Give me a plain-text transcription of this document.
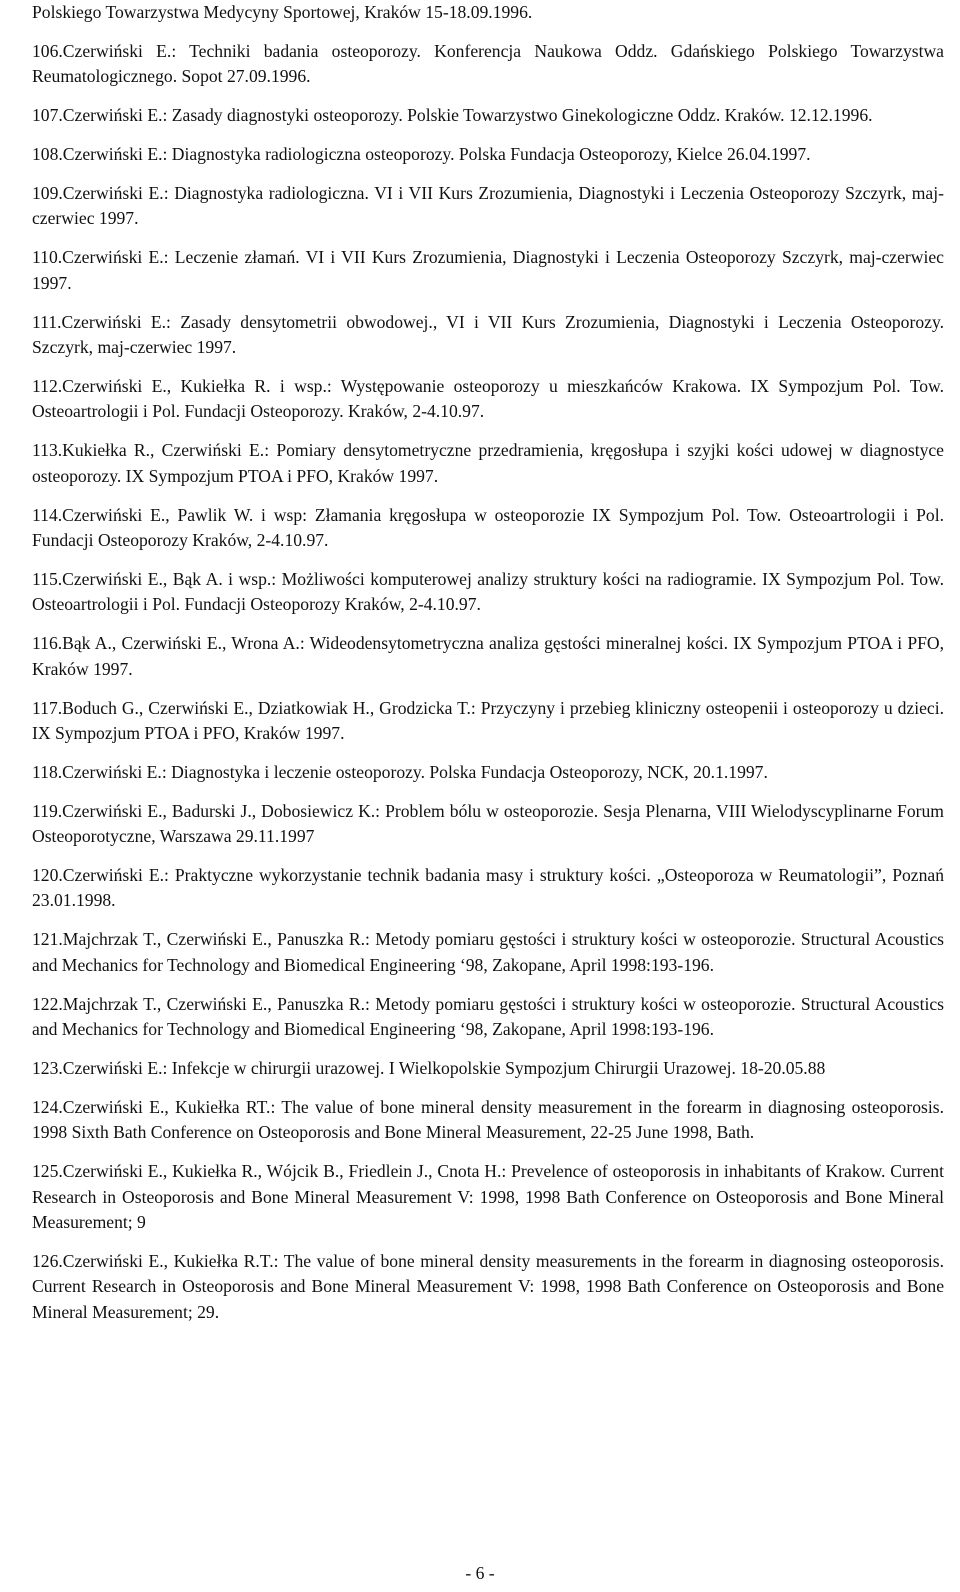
Polskiego Towarzystwa Medycyny Sportowej, Kraków 15-18.09.1996.
106.Czerwiński E.: Techniki badania osteoporozy. Konferencja Naukowa Oddz. Gdańskiego Polskiego Towarzystwa Reumatologicznego. Sopot 27.09.1996.
107.Czerwiński E.: Zasady diagnostyki osteoporozy. Polskie Towarzystwo Ginekologiczne Oddz. Kraków. 12.12.1996.
108.Czerwiński E.: Diagnostyka radiologiczna osteoporozy. Polska Fundacja Osteoporozy, Kielce 26.04.1997.
109.Czerwiński E.: Diagnostyka radiologiczna. VI i VII Kurs Zrozumienia, Diagnostyki i Leczenia Osteoporozy Szczyrk, maj-czerwiec 1997.
110.Czerwiński E.: Leczenie złamań. VI i VII Kurs Zrozumienia, Diagnostyki i Leczenia Osteoporozy Szczyrk, maj-czerwiec 1997.
111.Czerwiński E.: Zasady densytometrii obwodowej., VI i VII Kurs Zrozumienia, Diagnostyki i Leczenia Osteoporozy. Szczyrk, maj-czerwiec 1997.
112.Czerwiński E., Kukiełka R. i wsp.: Występowanie osteoporozy u mieszkańców Krakowa. IX Sympozjum Pol. Tow. Osteoartrologii i Pol. Fundacji Osteoporozy. Kraków, 2-4.10.97.
113.Kukiełka R., Czerwiński E.: Pomiary densytometryczne przedramienia, kręgosłupa i szyjki kości udowej w diagnostyce osteoporozy. IX Sympozjum PTOA i PFO, Kraków 1997.
114.Czerwiński E., Pawlik W. i wsp: Złamania kręgosłupa w osteoporozie IX Sympozjum Pol. Tow. Osteoartrologii i Pol. Fundacji Osteoporozy Kraków, 2-4.10.97.
115.Czerwiński E., Bąk A. i wsp.: Możliwości komputerowej analizy struktury kości na radiogramie. IX Sympozjum Pol. Tow. Osteoartrologii i Pol. Fundacji Osteoporozy Kraków, 2-4.10.97.
116.Bąk A., Czerwiński E., Wrona A.: Wideodensytometryczna analiza gęstości mineralnej kości. IX Sympozjum PTOA i PFO, Kraków 1997.
117.Boduch G., Czerwiński E., Dziatkowiak H., Grodzicka T.: Przyczyny i przebieg kliniczny osteopenii i osteoporozy u dzieci. IX Sympozjum PTOA i PFO, Kraków 1997.
118.Czerwiński E.: Diagnostyka i leczenie osteoporozy. Polska Fundacja Osteoporozy, NCK, 20.1.1997.
119.Czerwiński E., Badurski J., Dobosiewicz K.: Problem bólu w osteoporozie. Sesja Plenarna, VIII Wielodyscyplinarne Forum Osteoporotyczne, Warszawa 29.11.1997
120.Czerwiński E.: Praktyczne wykorzystanie technik badania masy i struktury kości. „Osteoporoza w Reumatologii”, Poznań 23.01.1998.
121.Majchrzak T., Czerwiński E., Panuszka R.: Metody pomiaru gęstości i struktury kości w osteoporozie. Structural Acoustics and Mechanics for Technology and Biomedical Engineering ‘98, Zakopane, April 1998:193-196.
122.Majchrzak T., Czerwiński E., Panuszka R.: Metody pomiaru gęstości i struktury kości w osteoporozie. Structural Acoustics and Mechanics for Technology and Biomedical Engineering ‘98, Zakopane, April 1998:193-196.
123.Czerwiński E.: Infekcje w chirurgii urazowej. I Wielkopolskie Sympozjum Chirurgii Urazowej. 18-20.05.88
124.Czerwiński E., Kukiełka RT.: The value of bone mineral density measurement in the forearm in diagnosing osteoporosis. 1998 Sixth Bath Conference on Osteoporosis and Bone Mineral Measurement, 22-25 June 1998, Bath.
125.Czerwiński E., Kukiełka R., Wójcik B., Friedlein J., Cnota H.: Prevelence of osteoporosis in inhabitants of Krakow. Current Research in Osteoporosis and Bone Mineral Measurement V: 1998, 1998 Bath Conference on Osteoporosis and Bone Mineral Measurement; 9
126.Czerwiński E., Kukiełka R.T.: The value of bone mineral density measurements in the forearm in diagnosing osteoporosis. Current Research in Osteoporosis and Bone Mineral Measurement V: 1998, 1998 Bath Conference on Osteoporosis and Bone Mineral Measurement; 29.
- 6 -
